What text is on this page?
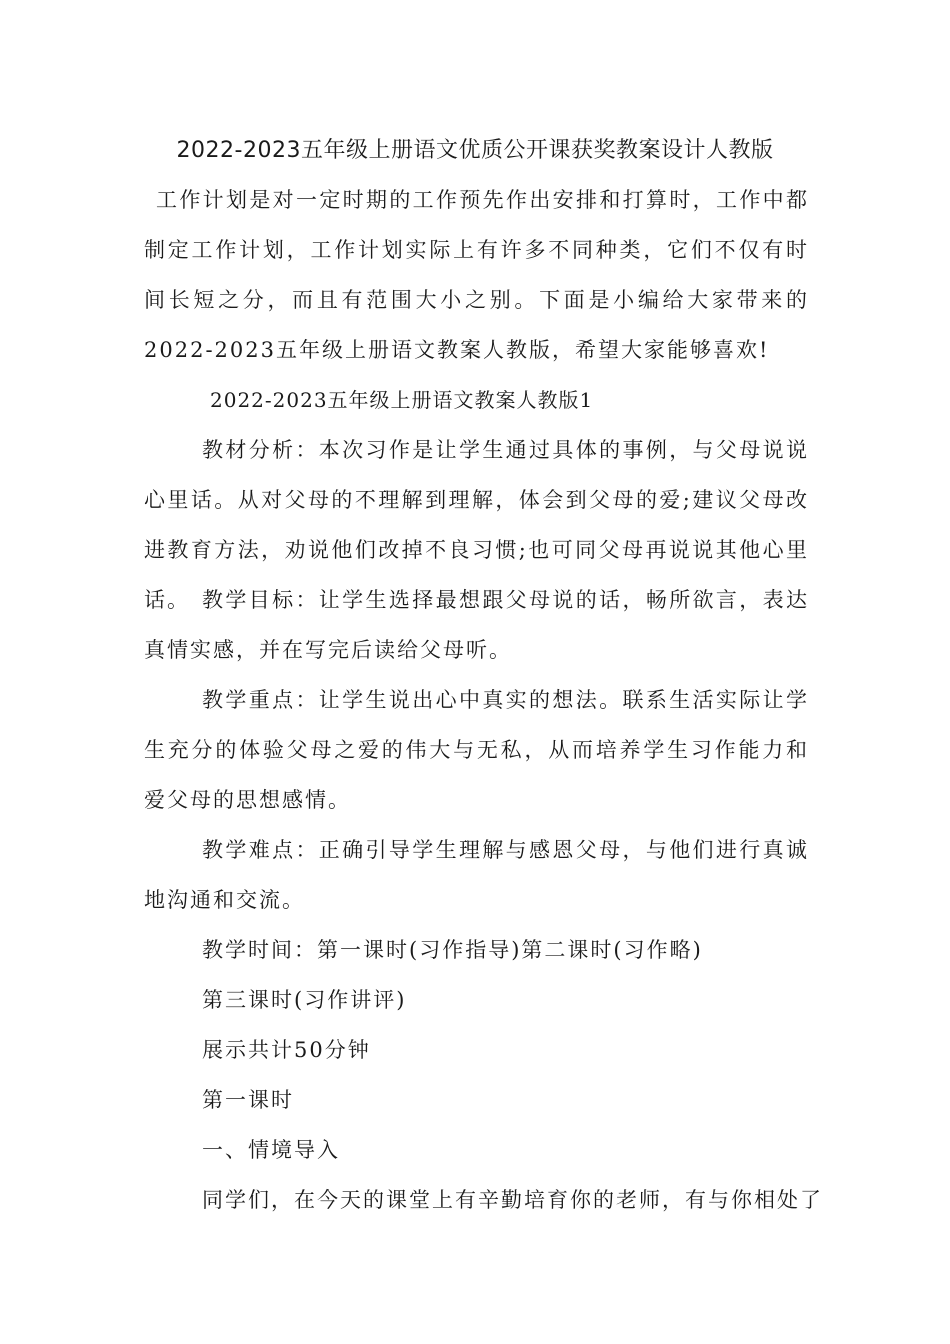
2022-2023五年级上册语文优质公开课获奖教案设计人教版

工作计划是对一定时期的工作预先作出安排和打算时，工作中都制定工作计划，工作计划实际上有许多不同种类，它们不仅有时间长短之分，而且有范围大小之别。下面是小编给大家带来的2022-2023五年级上册语文教案人教版，希望大家能够喜欢!

2022-2023五年级上册语文教案人教版1

教材分析：本次习作是让学生通过具体的事例，与父母说说心里话。从对父母的不理解到理解，体会到父母的爱;建议父母改进教育方法，劝说他们改掉不良习惯;也可同父母再说说其他心里话。 教学目标：让学生选择最想跟父母说的话，畅所欲言，表达真情实感，并在写完后读给父母听。

教学重点：让学生说出心中真实的想法。联系生活实际让学生充分的体验父母之爱的伟大与无私，从而培养学生习作能力和爱父母的思想感情。

教学难点：正确引导学生理解与感恩父母，与他们进行真诚地沟通和交流。

教学时间：第一课时(习作指导)第二课时(习作略)

第三课时(习作讲评)

展示共计50分钟

第一课时

一、情境导入

同学们，在今天的课堂上有辛勤培育你的老师，有与你相处了
